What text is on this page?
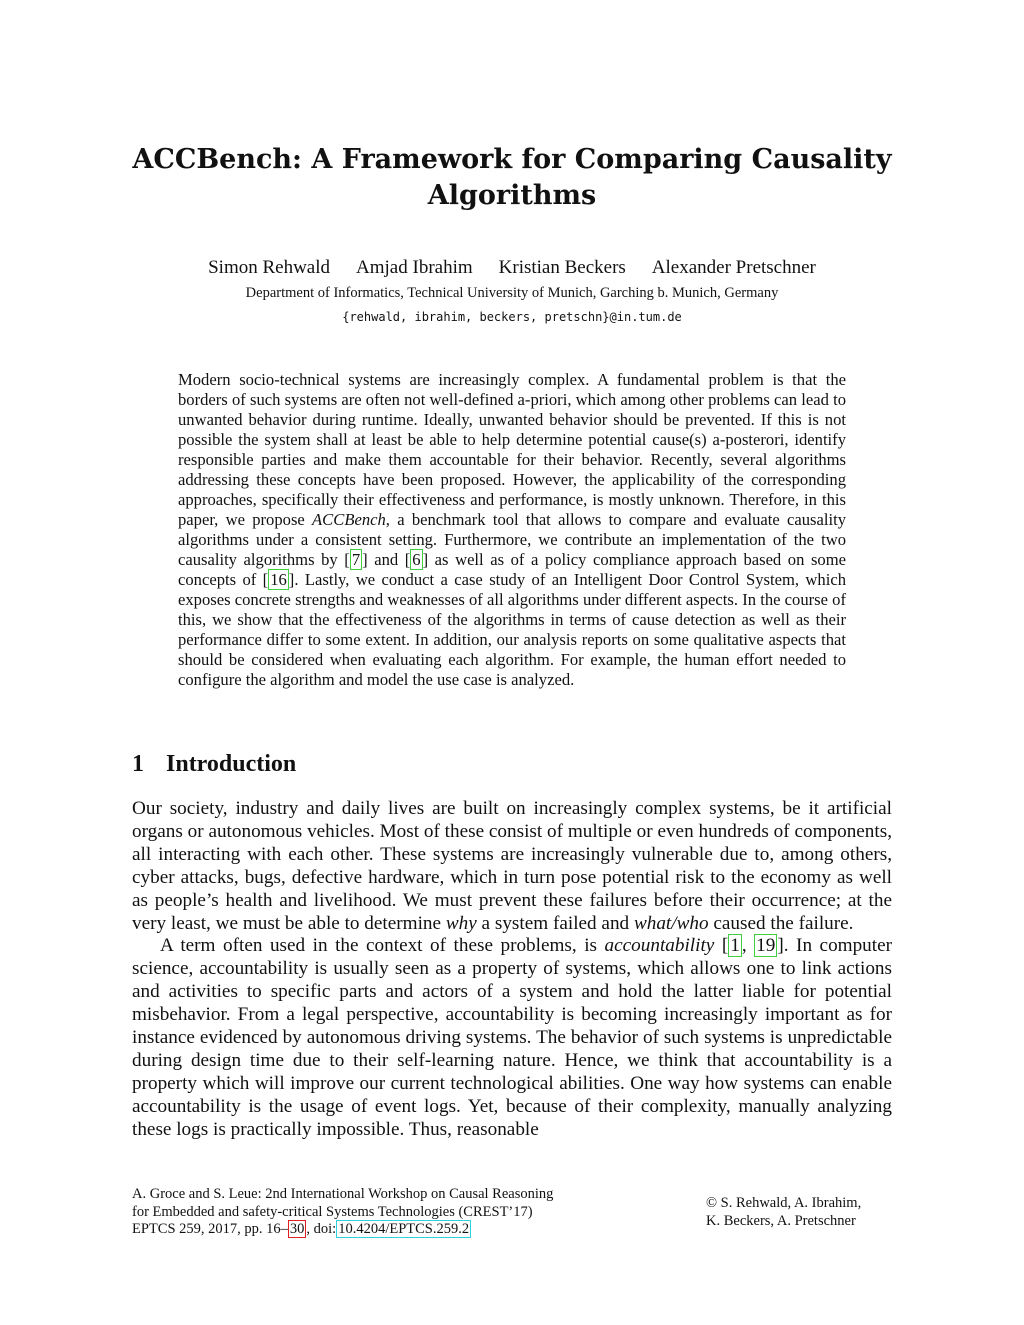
ACCBench: A Framework for Comparing Causality
Algorithms
Simon Rehwald Amjad Ibrahim Kristian Beckers Alexander Pretschner
Department of Informatics, Technical University of Munich, Garching b. Munich, Germany
{rehwald, ibrahim, beckers, pretschn}@in.tum.de

Modern socio-technical systems are increasingly complex. A fundamental problem is that the borders of such systems are often not well-defined a-priori, which among other problems can lead to unwanted behavior during runtime. Ideally, unwanted behavior should be prevented. If this is not possible the system shall at least be able to help determine potential cause(s) a-posterori, identify responsible parties and make them accountable for their behavior. Recently, several algorithms addressing these concepts have been proposed. However, the applicability of the corresponding approaches, specifically their effectiveness and performance, is mostly unknown. Therefore, in this paper, we propose ACCBench, a benchmark tool that allows to compare and evaluate causality algorithms under a consistent setting. Furthermore, we contribute an implementation of the two causality algorithms by [ 7 ] and [ 6 ] as well as of a policy compliance approach based on some concepts of [ 16 ]. Lastly, we conduct a case study of an Intelligent Door Control System, which exposes concrete strengths and weaknesses of all algorithms under different aspects. In the course of this, we show that the effectiveness of the algorithms in terms of cause detection as well as their performance differ to some extent. In addition, our analysis reports on some qualitative aspects that should be considered when evaluating each algorithm. For example, the human effort needed to configure the algorithm and model the use case is analyzed.

1 Introduction

Our society, industry and daily lives are built on increasingly complex systems, be it artificial organs or autonomous vehicles. Most of these consist of multiple or even hundreds of components, all interacting with each other. These systems are increasingly vulnerable due to, among others, cyber attacks, bugs, defective hardware, which in turn pose potential risk to the economy as well as people’s health and livelihood. We must prevent these failures before their occurrence; at the very least, we must be able to determine why a system failed and what/who caused the failure.

A term often used in the context of these problems, is accountability [ 1 , 19 ]. In computer science, accountability is usually seen as a property of systems, which allows one to link actions and activities to specific parts and actors of a system and hold the latter liable for potential misbehavior. From a legal perspective, accountability is becoming increasingly important as for instance evidenced by autonomous driving systems. The behavior of such systems is unpredictable during design time due to their self-learning nature. Hence, we think that accountability is a property which will improve our current technological abilities. One way how systems can enable accountability is the usage of event logs. Yet, because of their complexity, manually analyzing these logs is practically impossible. Thus, reasonable

A. Groce and S. Leue: 2nd International Workshop on Causal Reasoning
for Embedded and safety-critical Systems Technologies (CREST’17)
EPTCS 259, 2017, pp. 16– 30 , doi: 10.4204/EPTCS.259.2
© S. Rehwald, A. Ibrahim,
K. Beckers, A. Pretschner
